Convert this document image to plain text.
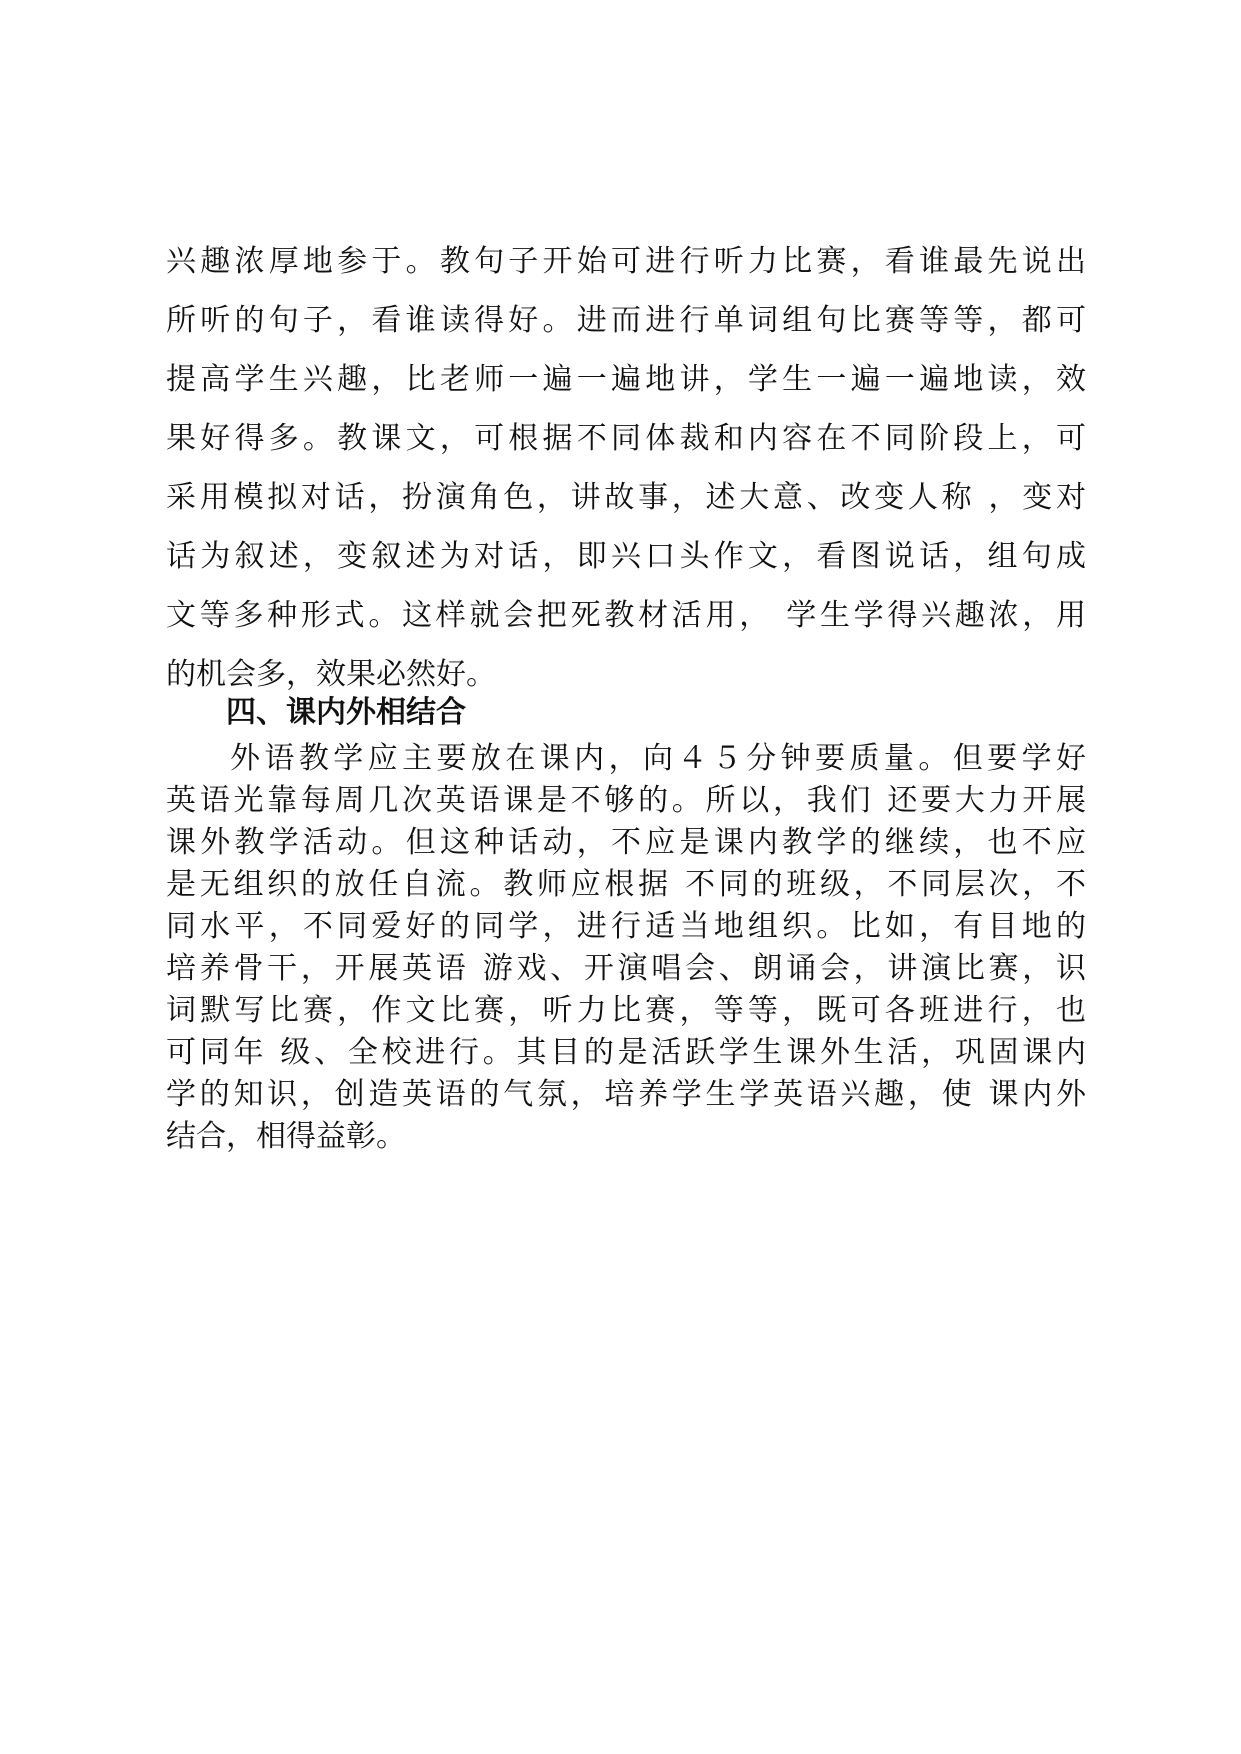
兴趣浓厚地参于。教句子开始可进行听力比赛，看谁最先说出
所听的句子，看谁读得好。进而进行单词组句比赛等等，都可
提高学生兴趣，比老师一遍一遍地讲，学生一遍一遍地读，效
果好得多。教课文，可根据不同体裁和内容在不同阶段上，可
采用模拟对话，扮演角色，讲故事，述大意、改变人称 ，变对
话为叙述，变叙述为对话，即兴口头作文，看图说话，组句成
文等多种形式。这样就会把死教材活用， 学生学得兴趣浓，用
的机会多，效果必然好。
四、课内外相结合
外语教学应主要放在课内，向４５分钟要质量。但要学好
英语光靠每周几次英语课是不够的。所以，我们 还要大力开展
课外教学活动。但这种话动，不应是课内教学的继续，也不应
是无组织的放任自流。教师应根据 不同的班级，不同层次，不
同水平，不同爱好的同学，进行适当地组织。比如，有目地的
培养骨干，开展英语 游戏、开演唱会、朗诵会，讲演比赛，识
词默写比赛，作文比赛，听力比赛，等等，既可各班进行，也
可同年 级、全校进行。其目的是活跃学生课外生活，巩固课内
学的知识，创造英语的气氛，培养学生学英语兴趣，使 课内外
结合，相得益彰。
